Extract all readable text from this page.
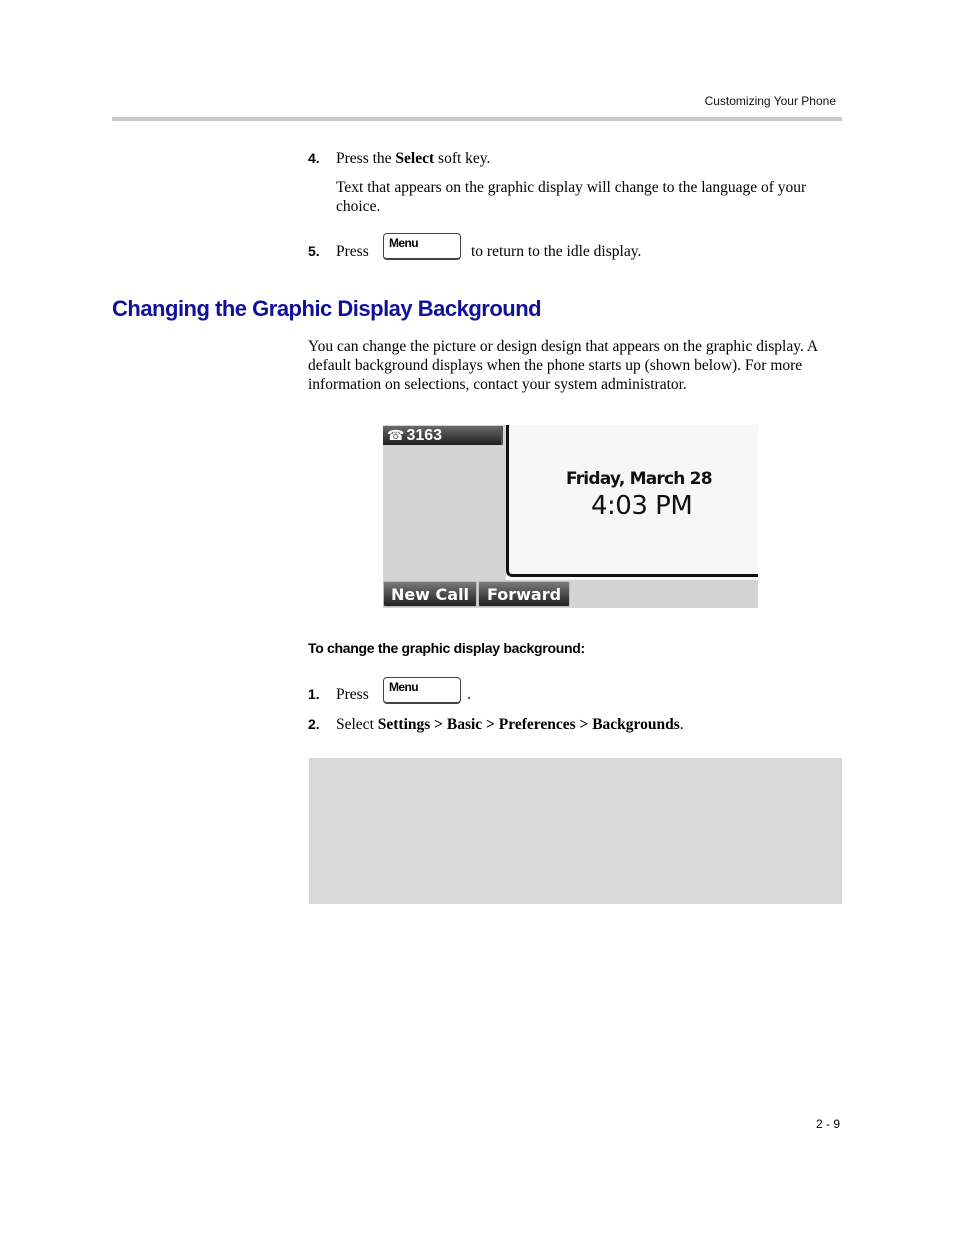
Customizing Your Phone
4. Press the Select soft key.
Text that appears on the graphic display will change to the language of your choice.
5. Press Menu	to return to the idle display.
Changing the Graphic Display Background
You can change the picture or design design that appears on the graphic display. A default background displays when the phone starts up (shown below). For more information on selections, contact your system administrator.
☎ 3163
Friday, March 28
4:03 PM
New Call	Forward
To change the graphic display background:
1. Press Menu	.
2. Select Settings > Basic > Preferences > Backgrounds.
2 - 9
